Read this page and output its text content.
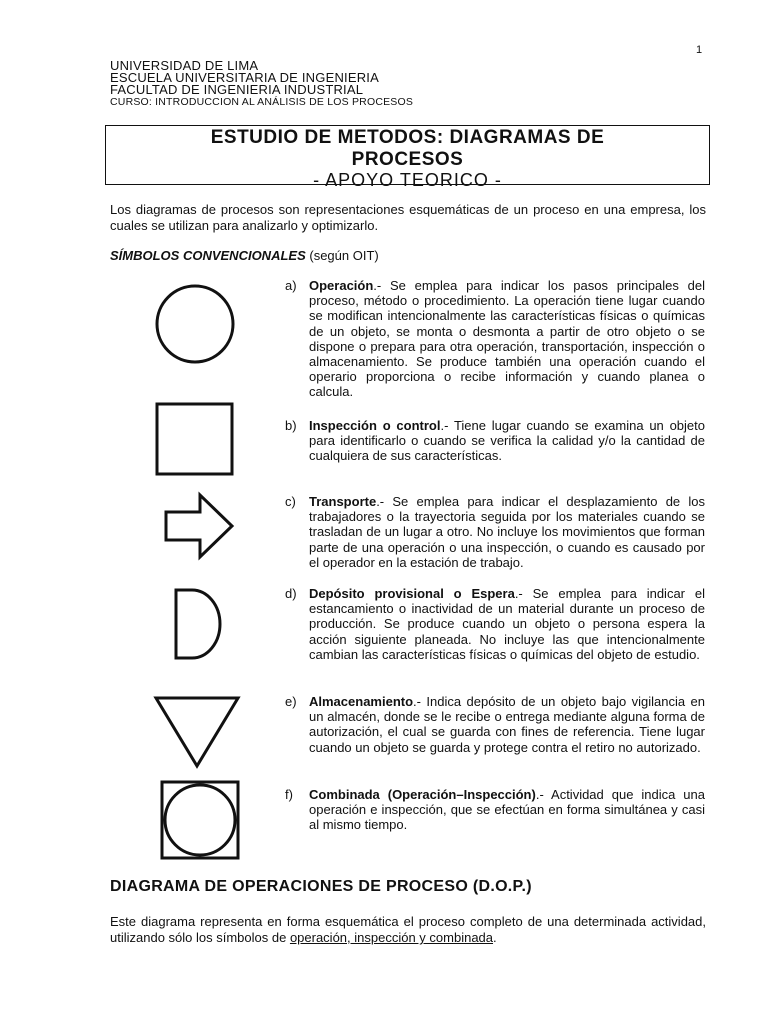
1
UNIVERSIDAD DE LIMA
ESCUELA UNIVERSITARIA DE INGENIERIA
FACULTAD DE INGENIERIA INDUSTRIAL
CURSO: INTRODUCCION AL ANÁLISIS DE LOS PROCESOS
ESTUDIO DE METODOS: DIAGRAMAS DE
PROCESOS
- APOYO TEORICO -
Los diagramas de procesos son representaciones esquemáticas de un proceso en una empresa, los cuales se utilizan para analizarlo y optimizarlo.
SÍMBOLOS CONVENCIONALES (según OIT)
a) Operación.- Se emplea para indicar los pasos principales del proceso, método o procedimiento. La operación tiene lugar cuando se modifican intencionalmente las características físicas o químicas de un objeto, se monta o desmonta a partir de otro objeto o se dispone o prepara para otra operación, transportación, inspección o almacenamiento. Se produce también una operación cuando el operario proporciona o recibe información y cuando planea o calcula.
b) Inspección o control.- Tiene lugar cuando se examina un objeto para identificarlo o cuando se verifica la calidad y/o la cantidad de cualquiera de sus características.
c) Transporte.- Se emplea para indicar el desplazamiento de los trabajadores o la trayectoria seguida por los materiales cuando se trasladan de un lugar a otro. No incluye los movimientos que forman parte de una operación o una inspección, o cuando es causado por el operador en la estación de trabajo.
d) Depósito provisional o Espera.- Se emplea para indicar el estancamiento o inactividad de un material durante un proceso de producción. Se produce cuando un objeto o persona espera la acción siguiente planeada. No incluye las que intencionalmente cambian las características físicas o químicas del objeto de estudio.
e) Almacenamiento.- Indica depósito de un objeto bajo vigilancia en un almacén, donde se le recibe o entrega mediante alguna forma de autorización, el cual se guarda con fines de referencia. Tiene lugar cuando un objeto se guarda y protege contra el retiro no autorizado.
f) Combinada (Operación–Inspección).- Actividad que indica una operación e inspección, que se efectúan en forma simultánea y casi al mismo tiempo.
DIAGRAMA DE OPERACIONES DE PROCESO (D.O.P.)
Este diagrama representa en forma esquemática el proceso completo de una determinada actividad, utilizando sólo los símbolos de operación, inspección y combinada.
